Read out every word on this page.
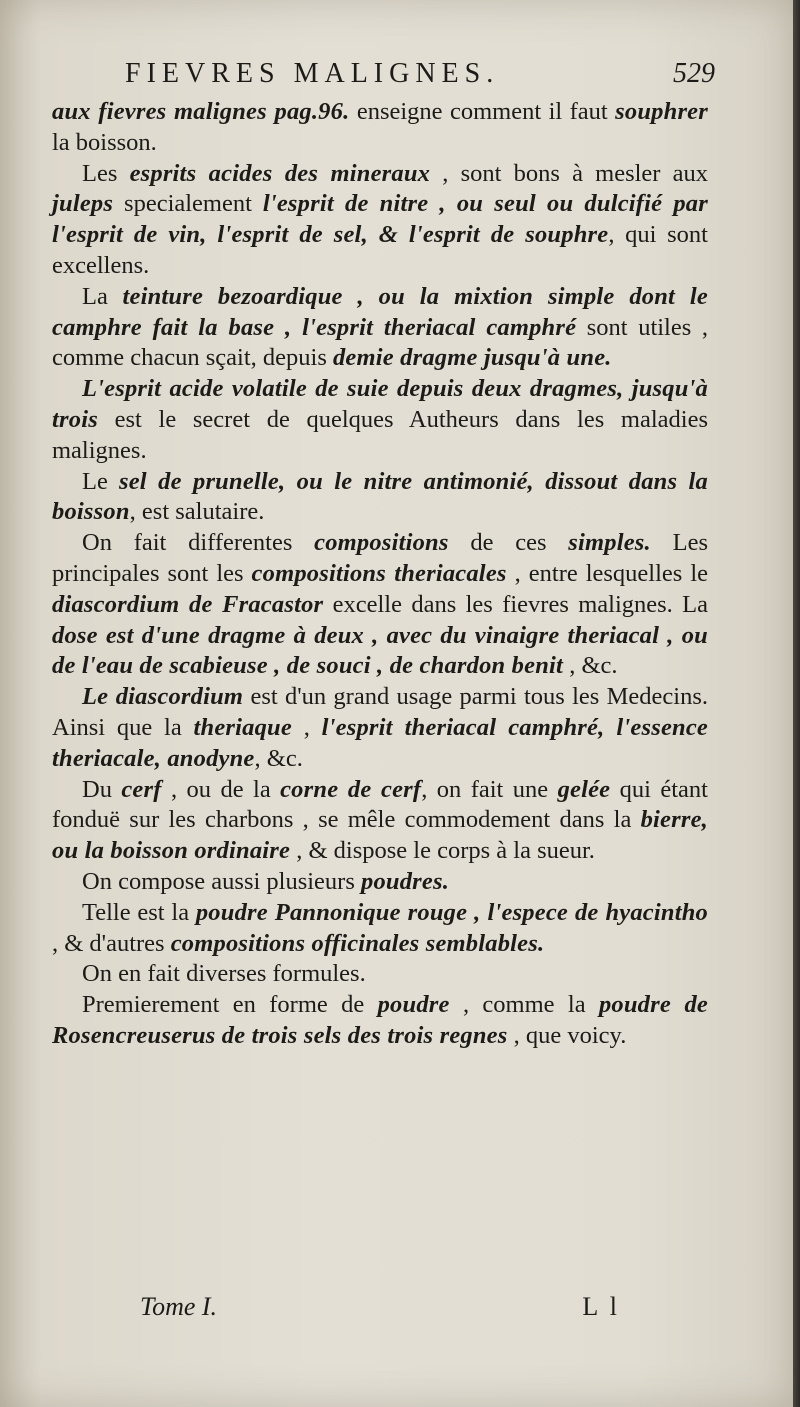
FIEVRES MALIGNES.	529

aux fievres malignes pag.96. enseigne comment il faut souphrer la boisson.

Les esprits acides des mineraux , sont bons à mesler aux juleps specialement l'esprit de nitre , ou seul ou dulcifié par l'esprit de vin, l'esprit de sel, & l'esprit de souphre, qui sont excellens.

La teinture bezoardique , ou la mixtion simple dont le camphre fait la base , l'esprit theriacal camphré sont utiles , comme chacun sçait, depuis demie dragme jusqu'à une.

L'esprit acide volatile de suie depuis deux dragmes, jusqu'à trois est le secret de quelques Autheurs dans les maladies malignes.

Le sel de prunelle, ou le nitre antimonié, dissout dans la boisson, est salutaire.

On fait differentes compositions de ces simples. Les principales sont les compositions theriacales , entre lesquelles le diascordium de Fracastor excelle dans les fievres malignes. La dose est d'une dragme à deux , avec du vinaigre theriacal , ou de l'eau de scabieuse , de souci , de chardon benit , &c.

Le diascordium est d'un grand usage parmi tous les Medecins. Ainsi que la theriaque , l'esprit theriacal camphré, l'essence theriacale, anodyne, &c.

Du cerf , ou de la corne de cerf, on fait une gelée qui étant fonduë sur les charbons , se mêle commodement dans la bierre, ou la boisson ordinaire , & dispose le corps à la sueur.

On compose aussi plusieurs poudres.

Telle est la poudre Pannonique rouge , l'espece de hyacintho , & d'autres compositions officinales semblables.

On en fait diverses formules.

Premierement en forme de poudre , comme la poudre de Rosencreuserus de trois sels des trois regnes , que voicy.

Tome I.	L l
